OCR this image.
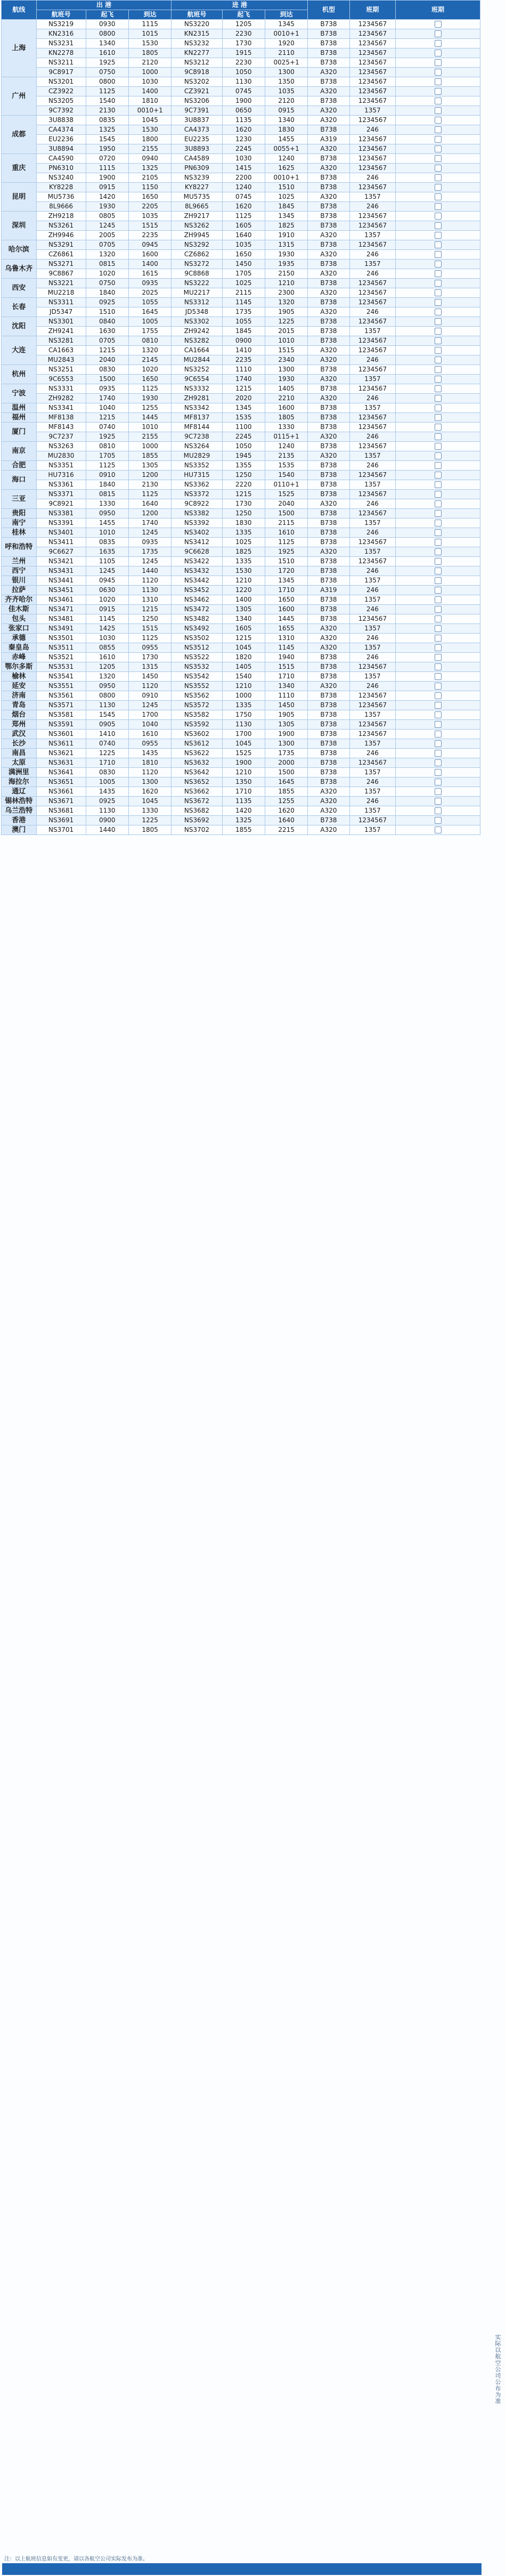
航线	出 港			进 港			机型	班期	班期
	航班号	起飞	到达	航班号	起飞	到达			
上海	NS3219	0930	1115	NS3220	1205	1345	B738	1234567	
	KN2316	0800	1015	KN2315	2230	0010+1	B738	1234567	
	NS3231	1340	1530	NS3232	1730	1920	B738	1234567	
	KN2278	1610	1805	KN2277	1915	2110	B738	1234567	
	NS3211	1925	2120	NS3212	2230	0025+1	B738	1234567	
	9C8917	0750	1000	9C8918	1050	1300	A320	1234567	
广州	NS3201	0800	1030	NS3202	1130	1350	B738	1234567	
	CZ3922	1125	1400	CZ3921	0745	1035	A320	1234567	
	NS3205	1540	1810	NS3206	1900	2120	B738	1234567	
	9C7392	2130	0010+1	9C7391	0650	0915	A320	1357	
成都	3U8838	0835	1045	3U8837	1135	1340	A320	1234567	
	CA4374	1325	1530	CA4373	1620	1830	B738	246	
	EU2236	1545	1800	EU2235	1230	1455	A319	1234567	
	3U8894	1950	2155	3U8893	2245	0055+1	A320	1234567	
重庆	CA4590	0720	0940	CA4589	1030	1240	B738	1234567	
	PN6310	1115	1325	PN6309	1415	1625	A320	1234567	
	NS3240	1900	2105	NS3239	2200	0010+1	B738	246	
昆明	KY8228	0915	1150	KY8227	1240	1510	B738	1234567	
	MU5736	1420	1650	MU5735	0745	1025	A320	1357	
	8L9666	1930	2205	8L9665	1620	1845	B738	246	
深圳	ZH9218	0805	1035	ZH9217	1125	1345	B738	1234567	
	NS3261	1245	1515	NS3262	1605	1825	B738	1234567	
	ZH9946	2005	2235	ZH9945	1640	1910	A320	1357	
哈尔滨	NS3291	0705	0945	NS3292	1035	1315	B738	1234567	
	CZ6861	1320	1600	CZ6862	1650	1930	A320	246	
乌鲁木齐	NS3271	0815	1400	NS3272	1450	1935	B738	1357	
	9C8867	1020	1615	9C8868	1705	2150	A320	246	
西安	NS3221	0750	0935	NS3222	1025	1210	B738	1234567	
	MU2218	1840	2025	MU2217	2115	2300	A320	1234567	
长春	NS3311	0925	1055	NS3312	1145	1320	B738	1234567	
	JD5347	1510	1645	JD5348	1735	1905	A320	246	
沈阳	NS3301	0840	1005	NS3302	1055	1225	B738	1234567	
	ZH9241	1630	1755	ZH9242	1845	2015	B738	1357	
大连	NS3281	0705	0810	NS3282	0900	1010	B738	1234567	
	CA1663	1215	1320	CA1664	1410	1515	A320	1234567	
	MU2843	2040	2145	MU2844	2235	2340	A320	246	
杭州	NS3251	0830	1020	NS3252	1110	1300	B738	1234567	
	9C6553	1500	1650	9C6554	1740	1930	A320	1357	
宁波	NS3331	0935	1125	NS3332	1215	1405	B738	1234567	
	ZH9282	1740	1930	ZH9281	2020	2210	A320	246	
温州	NS3341	1040	1255	NS3342	1345	1600	B738	1357	
福州	MF8138	1215	1445	MF8137	1535	1805	B738	1234567	
厦门	MF8143	0740	1010	MF8144	1100	1330	B738	1234567	
	9C7237	1925	2155	9C7238	2245	0115+1	A320	246	
南京	NS3263	0810	1000	NS3264	1050	1240	B738	1234567	
	MU2830	1705	1855	MU2829	1945	2135	A320	1357	
合肥	NS3351	1125	1305	NS3352	1355	1535	B738	246	
海口	HU7316	0910	1200	HU7315	1250	1540	B738	1234567	
	NS3361	1840	2130	NS3362	2220	0110+1	B738	1357	
三亚	NS3371	0815	1125	NS3372	1215	1525	B738	1234567	
	9C8921	1330	1640	9C8922	1730	2040	A320	246	
贵阳	NS3381	0950	1200	NS3382	1250	1500	B738	1234567	
南宁	NS3391	1455	1740	NS3392	1830	2115	B738	1357	
桂林	NS3401	1010	1245	NS3402	1335	1610	B738	246	
呼和浩特	NS3411	0835	0935	NS3412	1025	1125	B738	1234567	
	9C6627	1635	1735	9C6628	1825	1925	A320	1357	
兰州	NS3421	1105	1245	NS3422	1335	1510	B738	1234567	
西宁	NS3431	1245	1440	NS3432	1530	1720	B738	246	
银川	NS3441	0945	1120	NS3442	1210	1345	B738	1357	
拉萨	NS3451	0630	1130	NS3452	1220	1710	A319	246	
齐齐哈尔	NS3461	1020	1310	NS3462	1400	1650	B738	1357	
佳木斯	NS3471	0915	1215	NS3472	1305	1600	B738	246	
包头	NS3481	1145	1250	NS3482	1340	1445	B738	1234567	
张家口	NS3491	1425	1515	NS3492	1605	1655	A320	1357	
承德	NS3501	1030	1125	NS3502	1215	1310	A320	246	
秦皇岛	NS3511	0855	0955	NS3512	1045	1145	A320	1357	
赤峰	NS3521	1610	1730	NS3522	1820	1940	B738	246	
鄂尔多斯	NS3531	1205	1315	NS3532	1405	1515	B738	1234567	
榆林	NS3541	1320	1450	NS3542	1540	1710	B738	1357	
延安	NS3551	0950	1120	NS3552	1210	1340	A320	246	
济南	NS3561	0800	0910	NS3562	1000	1110	B738	1234567	
青岛	NS3571	1130	1245	NS3572	1335	1450	B738	1234567	
烟台	NS3581	1545	1700	NS3582	1750	1905	B738	1357	
郑州	NS3591	0905	1040	NS3592	1130	1305	B738	1234567	
武汉	NS3601	1410	1610	NS3602	1700	1900	B738	1234567	
长沙	NS3611	0740	0955	NS3612	1045	1300	B738	1357	
南昌	NS3621	1225	1435	NS3622	1525	1735	B738	246	
太原	NS3631	1710	1810	NS3632	1900	2000	B738	1234567	
满洲里	NS3641	0830	1120	NS3642	1210	1500	B738	1357	
海拉尔	NS3651	1005	1300	NS3652	1350	1645	B738	246	
通辽	NS3661	1435	1620	NS3662	1710	1855	A320	1357	
锡林浩特	NS3671	0925	1045	NS3672	1135	1255	A320	246	
乌兰浩特	NS3681	1130	1330	NS3682	1420	1620	A320	1357	
香港	NS3691	0900	1225	NS3692	1325	1640	B738	1234567	
澳门	NS3701	1440	1805	NS3702	1855	2215	A320	1357	
实际以航空公司公布为准
注：以上航班信息如有变更，请以各航空公司实际发布为准。
